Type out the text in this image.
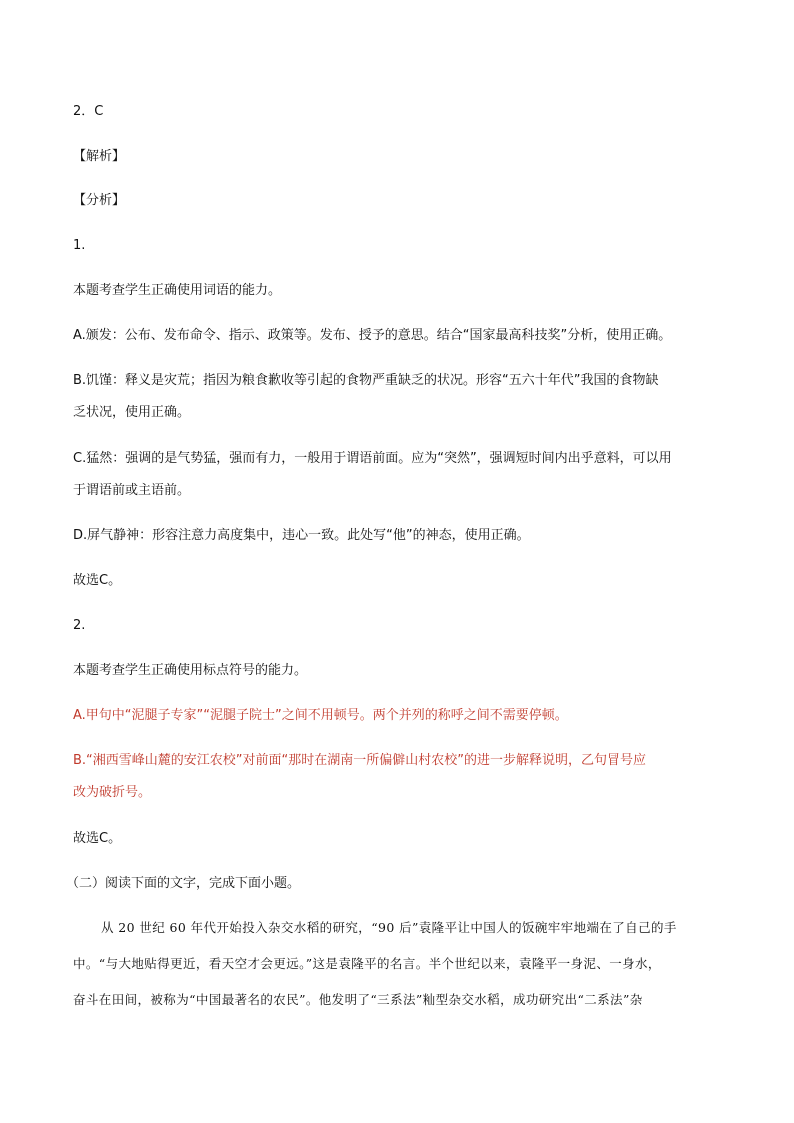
2．C
【解析】
【分析】
1.
本题考查学生正确使用词语的能力。
A.颁发：公布、发布命令、指示、政策等。发布、授予的意思。结合“国家最高科技奖”分析，使用正确。
B.饥馑：释义是灾荒；指因为粮食歉收等引起的食物严重缺乏的状况。形容“五六十年代”我国的食物缺
乏状况，使用正确。
C.猛然：强调的是气势猛，强而有力，一般用于谓语前面。应为“突然”，强调短时间内出乎意料，可以用
于谓语前或主语前。
D.屏气静神：形容注意力高度集中，违心一致。此处写“他”的神态，使用正确。
故选C。
2.
本题考查学生正确使用标点符号的能力。
A.甲句中“泥腿子专家”“泥腿子院士”之间不用顿号。两个并列的称呼之间不需要停顿。
B.“湘西雪峰山麓的安江农校”对前面“那时在湖南一所偏僻山村农校”的进一步解释说明，乙句冒号应
改为破折号。
故选C。
（二）阅读下面的文字，完成下面小题。
从 20 世纪 60 年代开始投入杂交水稻的研究，“90 后”袁隆平让中国人的饭碗牢牢地端在了自己的手
中。“与大地贴得更近，看天空才会更远。”这是袁隆平的名言。半个世纪以来，袁隆平一身泥、一身水，
奋斗在田间，被称为“中国最著名的农民”。他发明了“三系法”籼型杂交水稻，成功研究出“二系法”杂
